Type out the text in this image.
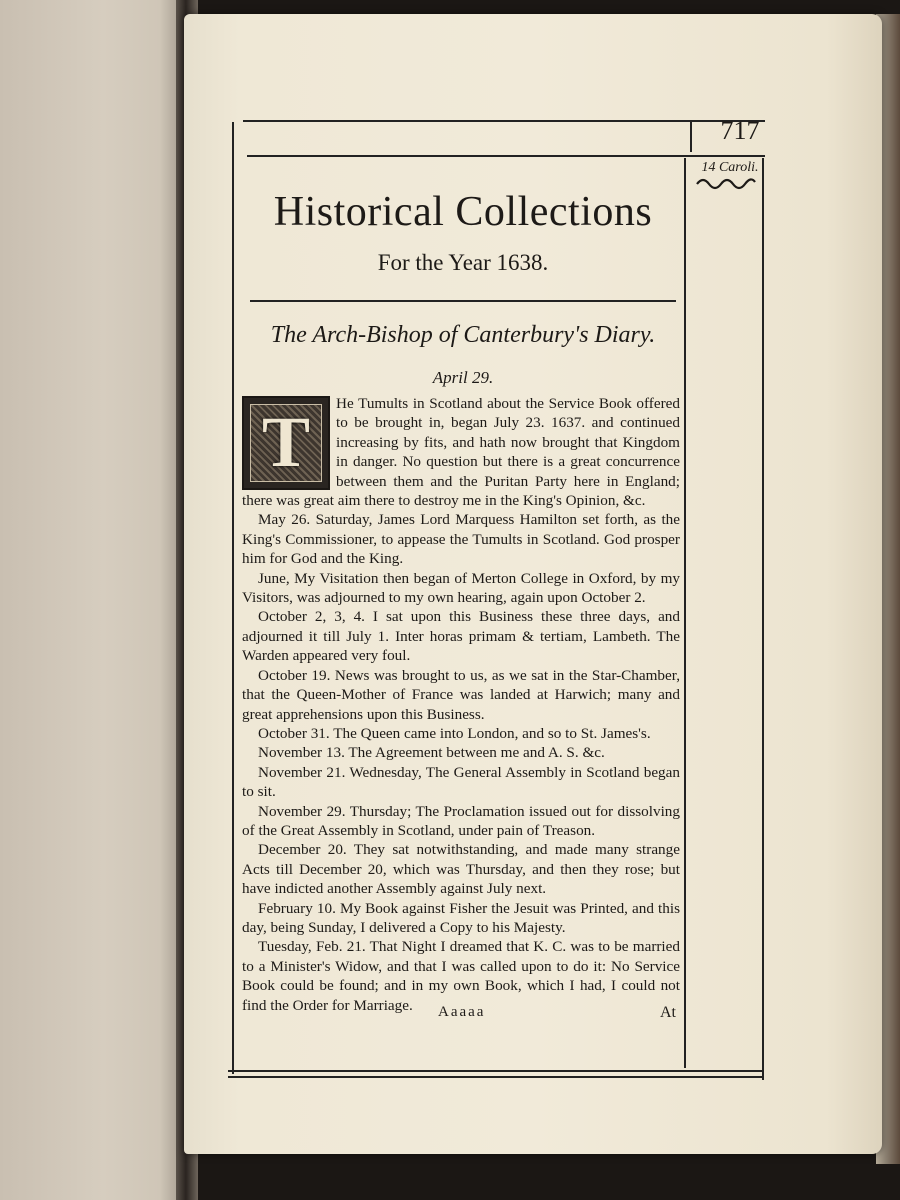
717
14 Caroli.
Historical Collections
For the Year 1638.
The Arch-Bishop of Canterbury's Diary.
April 29.

T	He Tumults in Scotland about the Service Book offered to be brought in, began July 23. 1637. and continued increasing by fits, and hath now brought that Kingdom in danger. No question but there is a great concurrence between them and the Puritan Party here in England; there was great aim there to destroy me in the King's Opinion, &c.

May 26. Saturday, James Lord Marquess Hamilton set forth, as the King's Commissioner, to appease the Tumults in Scotland. God prosper him for God and the King.

June, My Visitation then began of Merton College in Oxford, by my Visitors, was adjourned to my own hearing, again upon October 2.

October 2, 3, 4. I sat upon this Business these three days, and adjourned it till July 1. Inter horas primam & tertiam, Lambeth. The Warden appeared very foul.

October 19. News was brought to us, as we sat in the Star-Chamber, that the Queen-Mother of France was landed at Harwich; many and great apprehensions upon this Business.

October 31. The Queen came into London, and so to St. James's.

November 13. The Agreement between me and A. S. &c.

November 21. Wednesday, The General Assembly in Scotland began to sit.

November 29. Thursday; The Proclamation issued out for dissolving of the Great Assembly in Scotland, under pain of Treason.

December 20. They sat notwithstanding, and made many strange Acts till December 20, which was Thursday, and then they rose; but have indicted another Assembly against July next.

February 10. My Book against Fisher the Jesuit was Printed, and this day, being Sunday, I delivered a Copy to his Majesty.

Tuesday, Feb. 21. That Night I dreamed that K. C. was to be married to a Minister's Widow, and that I was called upon to do it: No Service Book could be found; and in my own Book, which I had, I could not find the Order for Marriage.	Aaaaa	At
